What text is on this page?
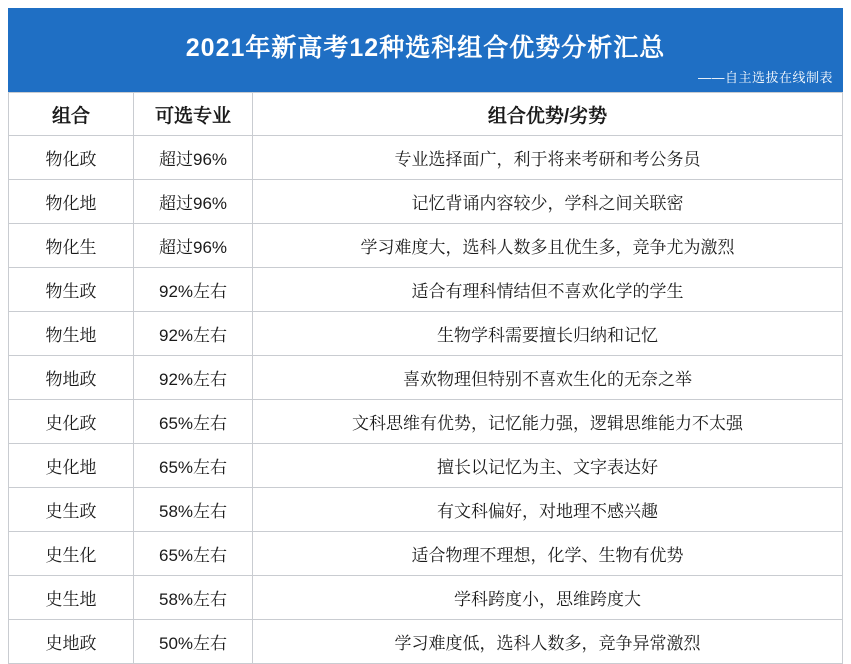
2021年新高考12种选科组合优势分析汇总
——自主选拔在线制表
组合	可选专业	组合优势/劣势
物化政	超过96%	专业选择面广，利于将来考研和考公务员
物化地	超过96%	记忆背诵内容较少，学科之间关联密
物化生	超过96%	学习难度大，选科人数多且优生多，竞争尤为激烈
物生政	92%左右	适合有理科情结但不喜欢化学的学生
物生地	92%左右	生物学科需要擅长归纳和记忆
物地政	92%左右	喜欢物理但特别不喜欢生化的无奈之举
史化政	65%左右	文科思维有优势，记忆能力强，逻辑思维能力不太强
史化地	65%左右	擅长以记忆为主、文字表达好
史生政	58%左右	有文科偏好，对地理不感兴趣
史生化	65%左右	适合物理不理想，化学、生物有优势
史生地	58%左右	学科跨度小，思维跨度大
史地政	50%左右	学习难度低，选科人数多，竞争异常激烈
